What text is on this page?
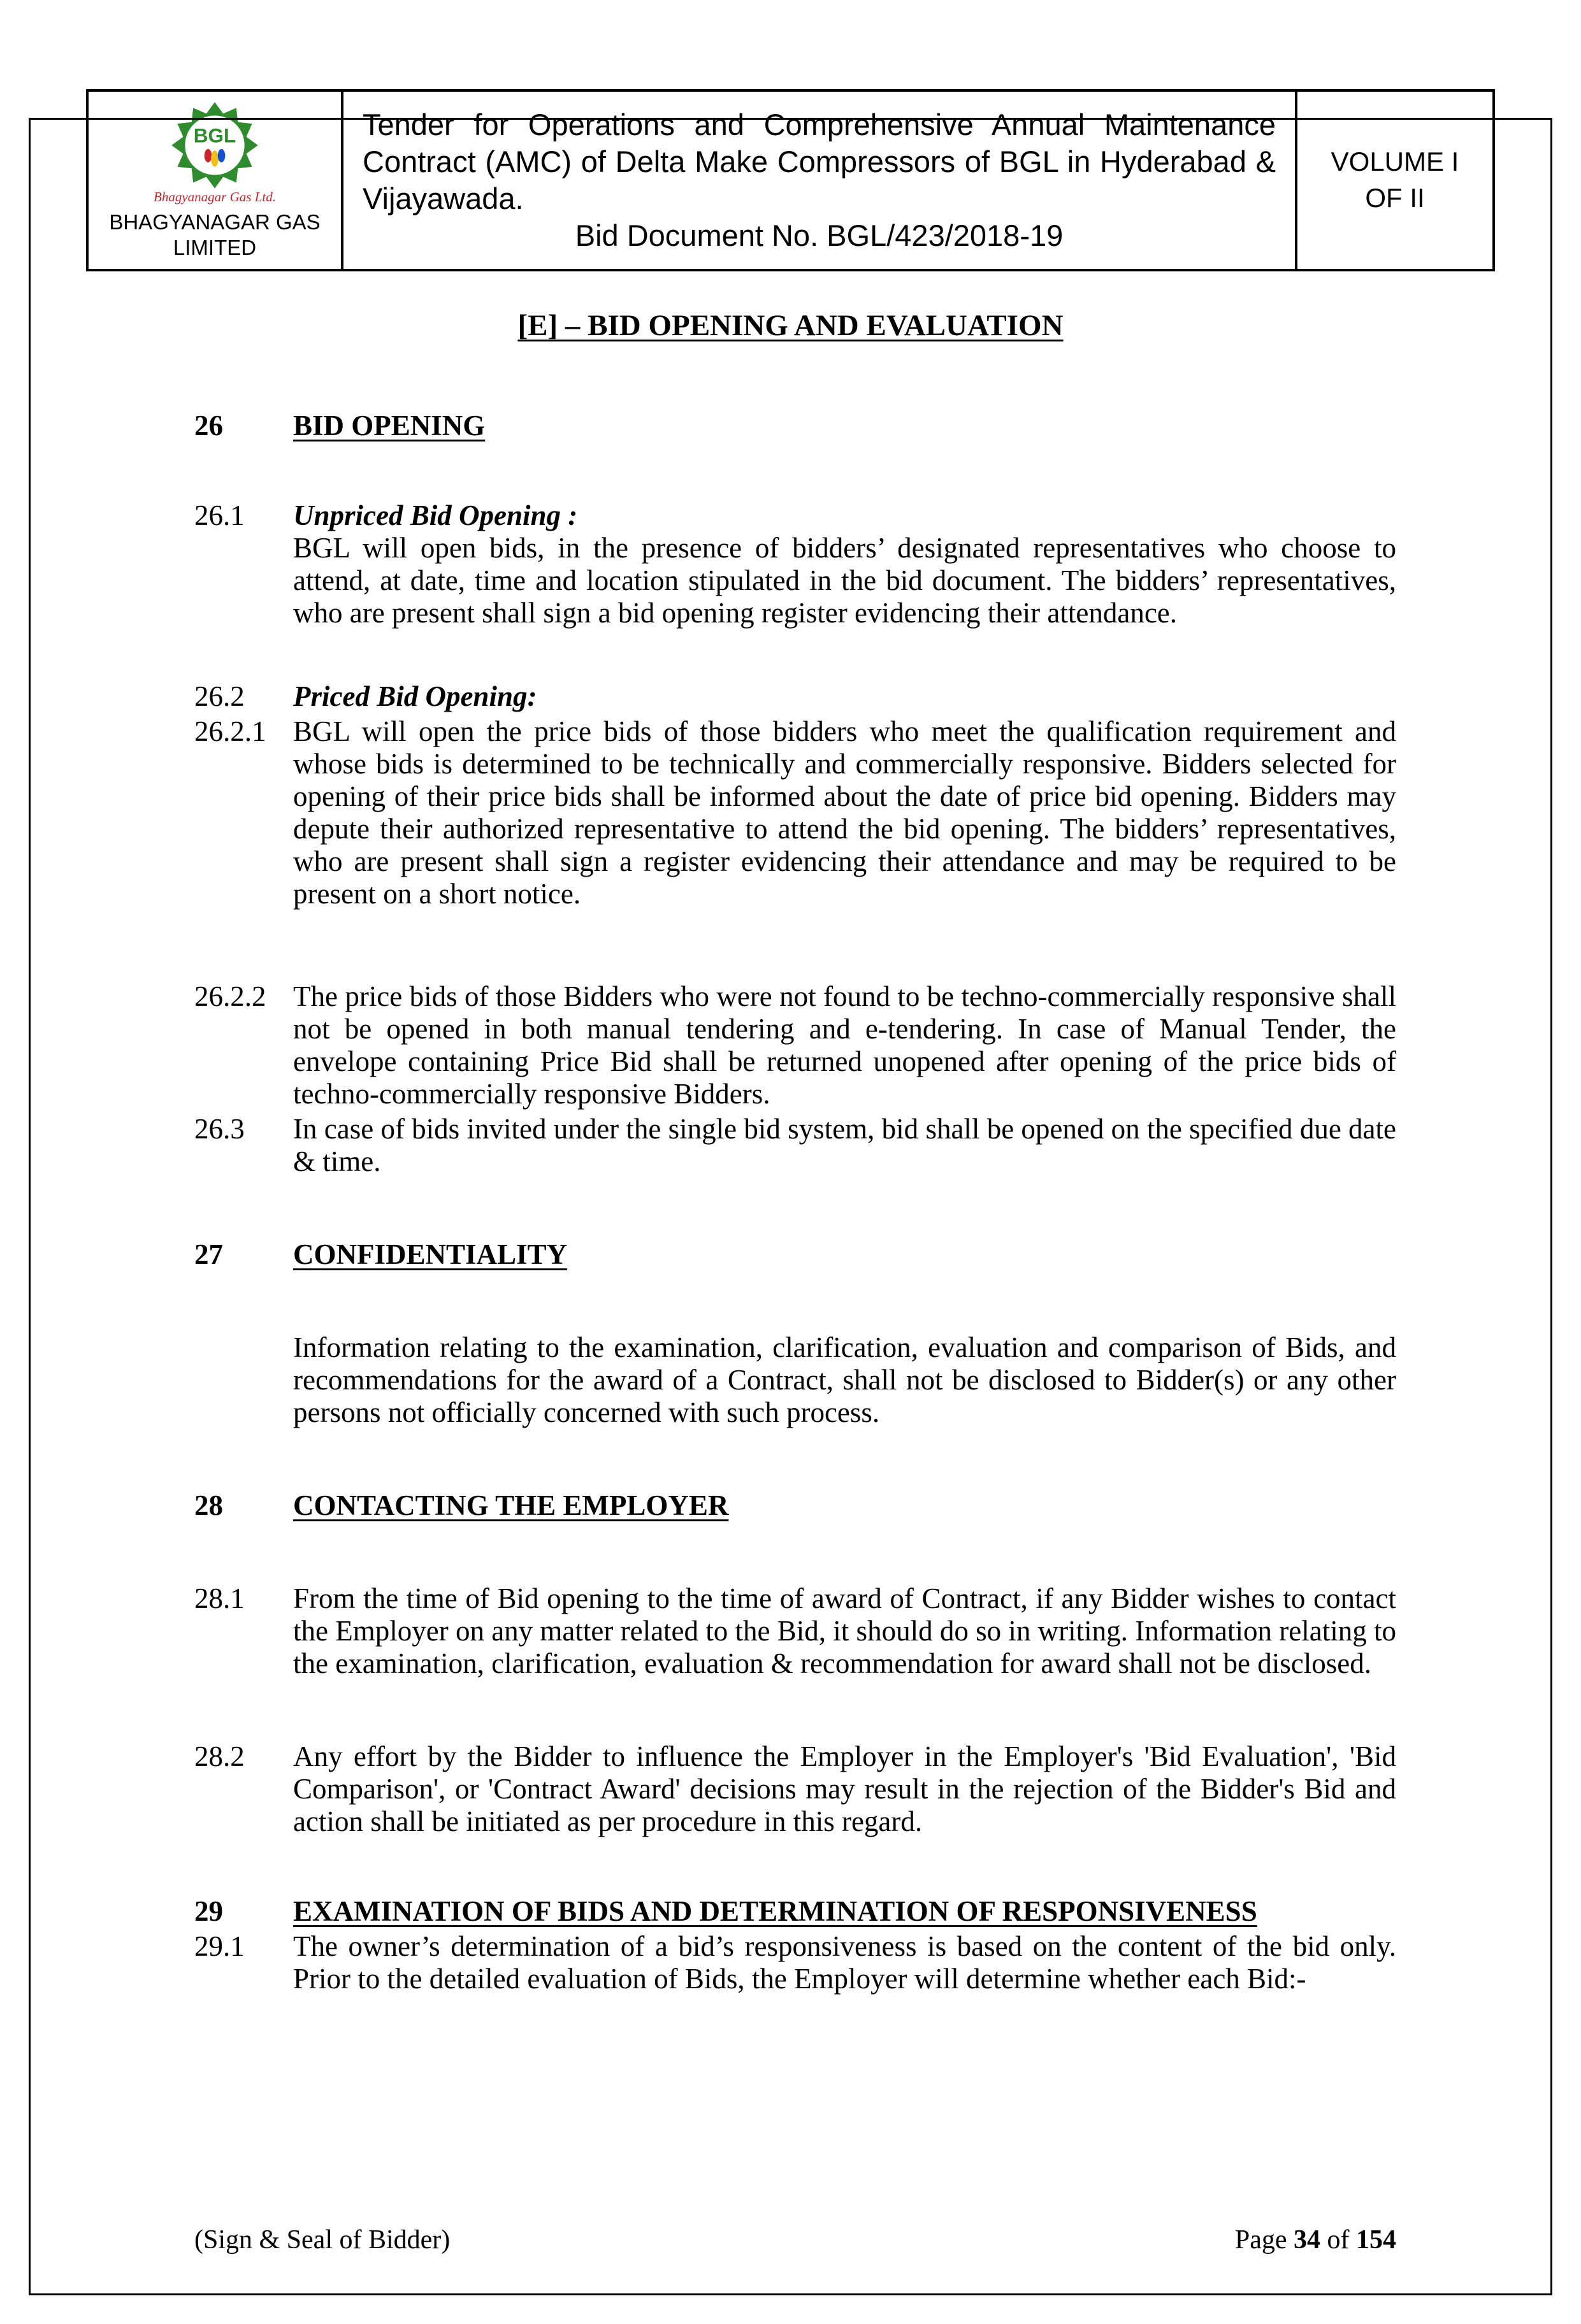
BGL
Bhagyanagar Gas Ltd.
BHAGYANAGAR GAS
LIMITED

Tender for Operations and Comprehensive Annual Maintenance Contract (AMC) of Delta Make Compressors of BGL in Hyderabad & Vijayawada.
Bid Document No. BGL/423/2018-19

VOLUME I
OF II
[E] – BID OPENING AND EVALUATION
26	BID OPENING
26.1	Unpriced Bid Opening :
BGL will open bids, in the presence of bidders’ designated representatives who choose to attend, at date, time and location stipulated in the bid document. The bidders’ representatives, who are present shall sign a bid opening register evidencing their attendance.
26.2	Priced Bid Opening:
26.2.1 BGL will open the price bids of those bidders who meet the qualification requirement and whose bids is determined to be technically and commercially responsive. Bidders selected for opening of their price bids shall be informed about the date of price bid opening. Bidders may depute their authorized representative to attend the bid opening. The bidders’ representatives, who are present shall sign a register evidencing their attendance and may be required to be present on a short notice.
26.2.2 The price bids of those Bidders who were not found to be techno-commercially responsive shall not be opened in both manual tendering and e-tendering. In case of Manual Tender, the envelope containing Price Bid shall be returned unopened after opening of the price bids of techno-commercially responsive Bidders.
26.3	In case of bids invited under the single bid system, bid shall be opened on the specified due date & time.
27	CONFIDENTIALITY
Information relating to the examination, clarification, evaluation and comparison of Bids, and recommendations for the award of a Contract, shall not be disclosed to Bidder(s) or any other persons not officially concerned with such process.
28	CONTACTING THE EMPLOYER
28.1	From the time of Bid opening to the time of award of Contract, if any Bidder wishes to contact the Employer on any matter related to the Bid, it should do so in writing. Information relating to the examination, clarification, evaluation & recommendation for award shall not be disclosed.
28.2	Any effort by the Bidder to influence the Employer in the Employer's 'Bid Evaluation', 'Bid Comparison', or 'Contract Award' decisions may result in the rejection of the Bidder's Bid and action shall be initiated as per procedure in this regard.
29	EXAMINATION OF BIDS AND DETERMINATION OF RESPONSIVENESS
29.1	The owner’s determination of a bid’s responsiveness is based on the content of the bid only. Prior to the detailed evaluation of Bids, the Employer will determine whether each Bid:-
(Sign & Seal of Bidder)	Page 34 of 154
